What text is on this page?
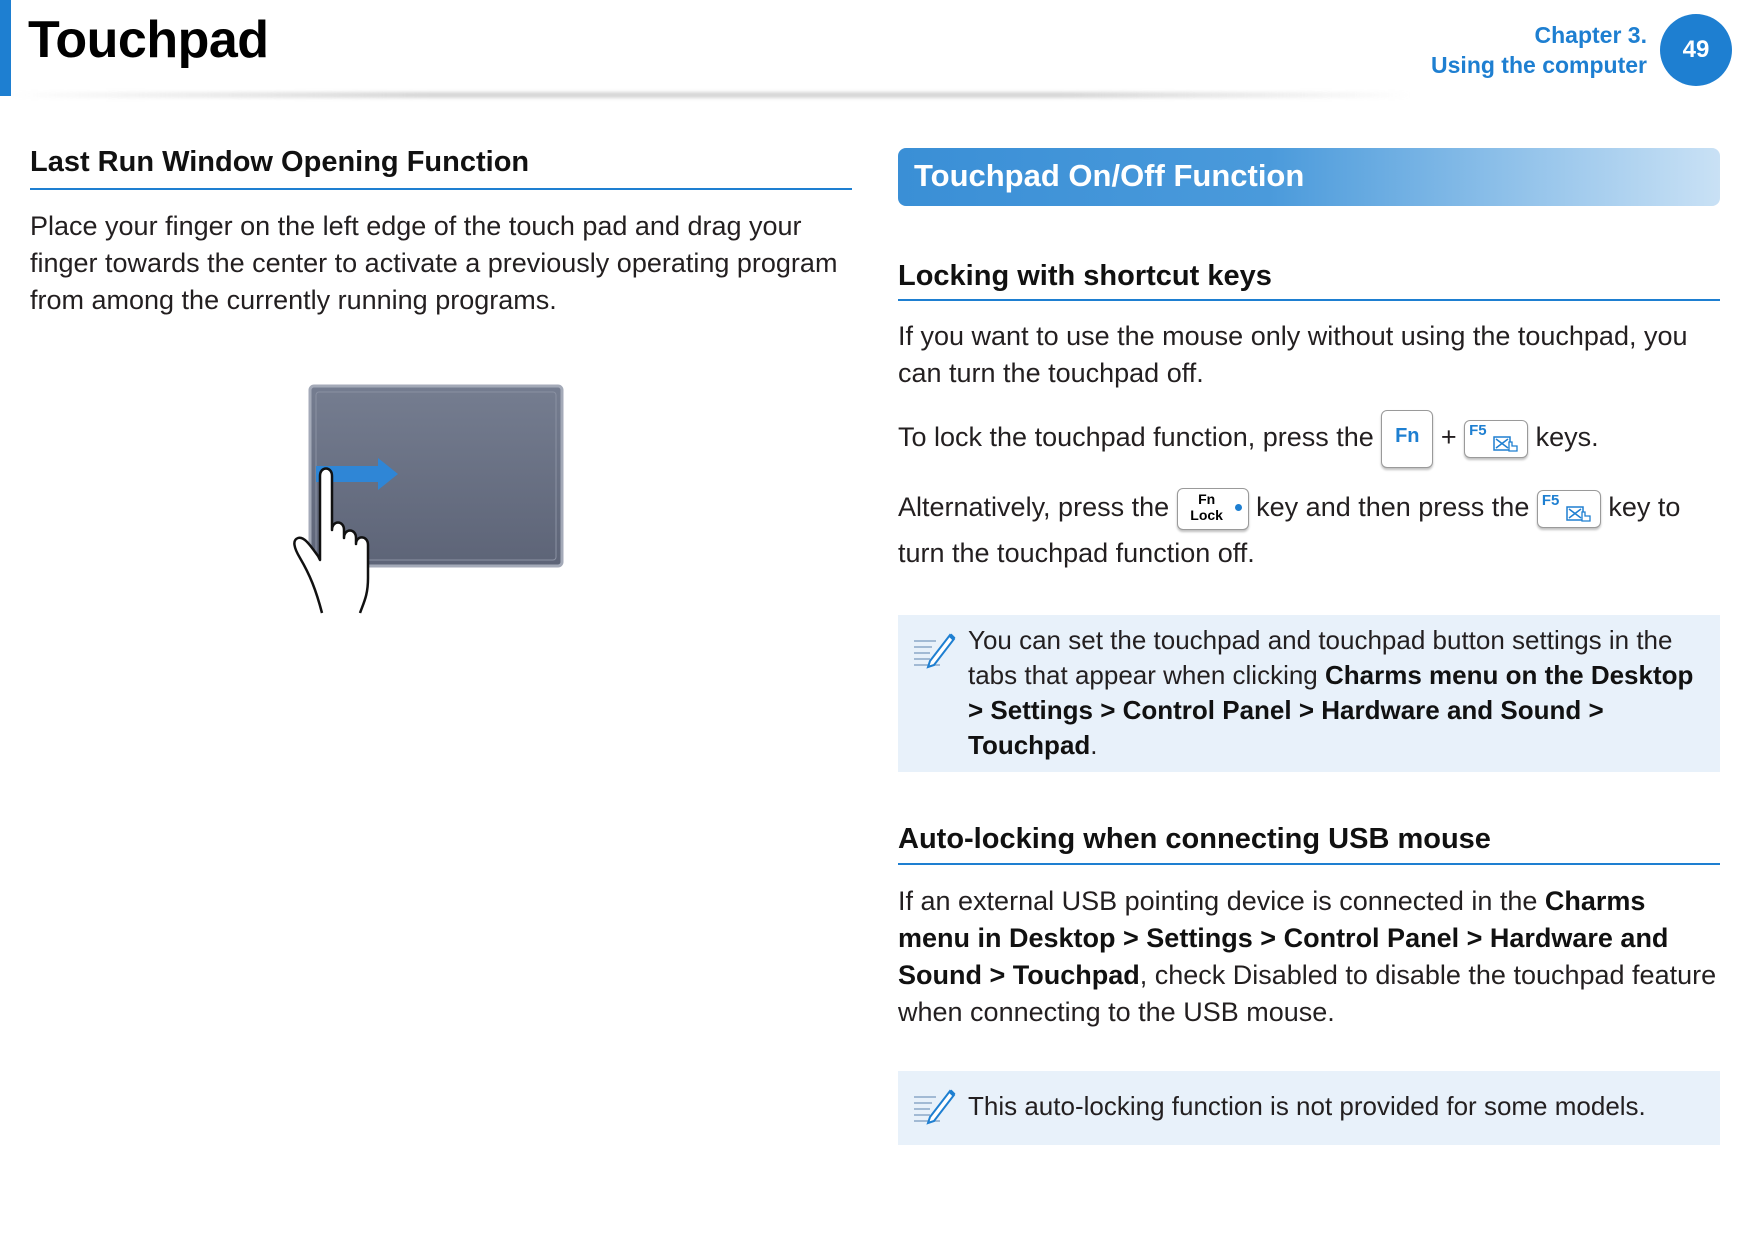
Touchpad	Chapter 3.
Using the computer
49
Last Run Window Opening Function

Place your finger on the left edge of the touch pad and drag your finger towards the center to activate a previously operating program from among the currently running programs.

Touchpad On/Off Function
Locking with shortcut keys

If you want to use the mouse only without using the touchpad, you can turn the touchpad off.

To lock the touchpad function, press the	Fn + F5 keys.
Alternatively, press the	Fn
Lock	key and then press the F5 key to
turn the touchpad function off.

You can set the touchpad and touchpad button settings in the tabs that appear when clicking Charms menu on the Desktop > Settings > Control Panel > Hardware and Sound > Touchpad.

Auto-locking when connecting USB mouse

If an external USB pointing device is connected in the Charms menu in Desktop > Settings > Control Panel > Hardware and Sound > Touchpad, check Disabled to disable the touchpad feature when connecting to the USB mouse.

This auto-locking function is not provided for some models.
